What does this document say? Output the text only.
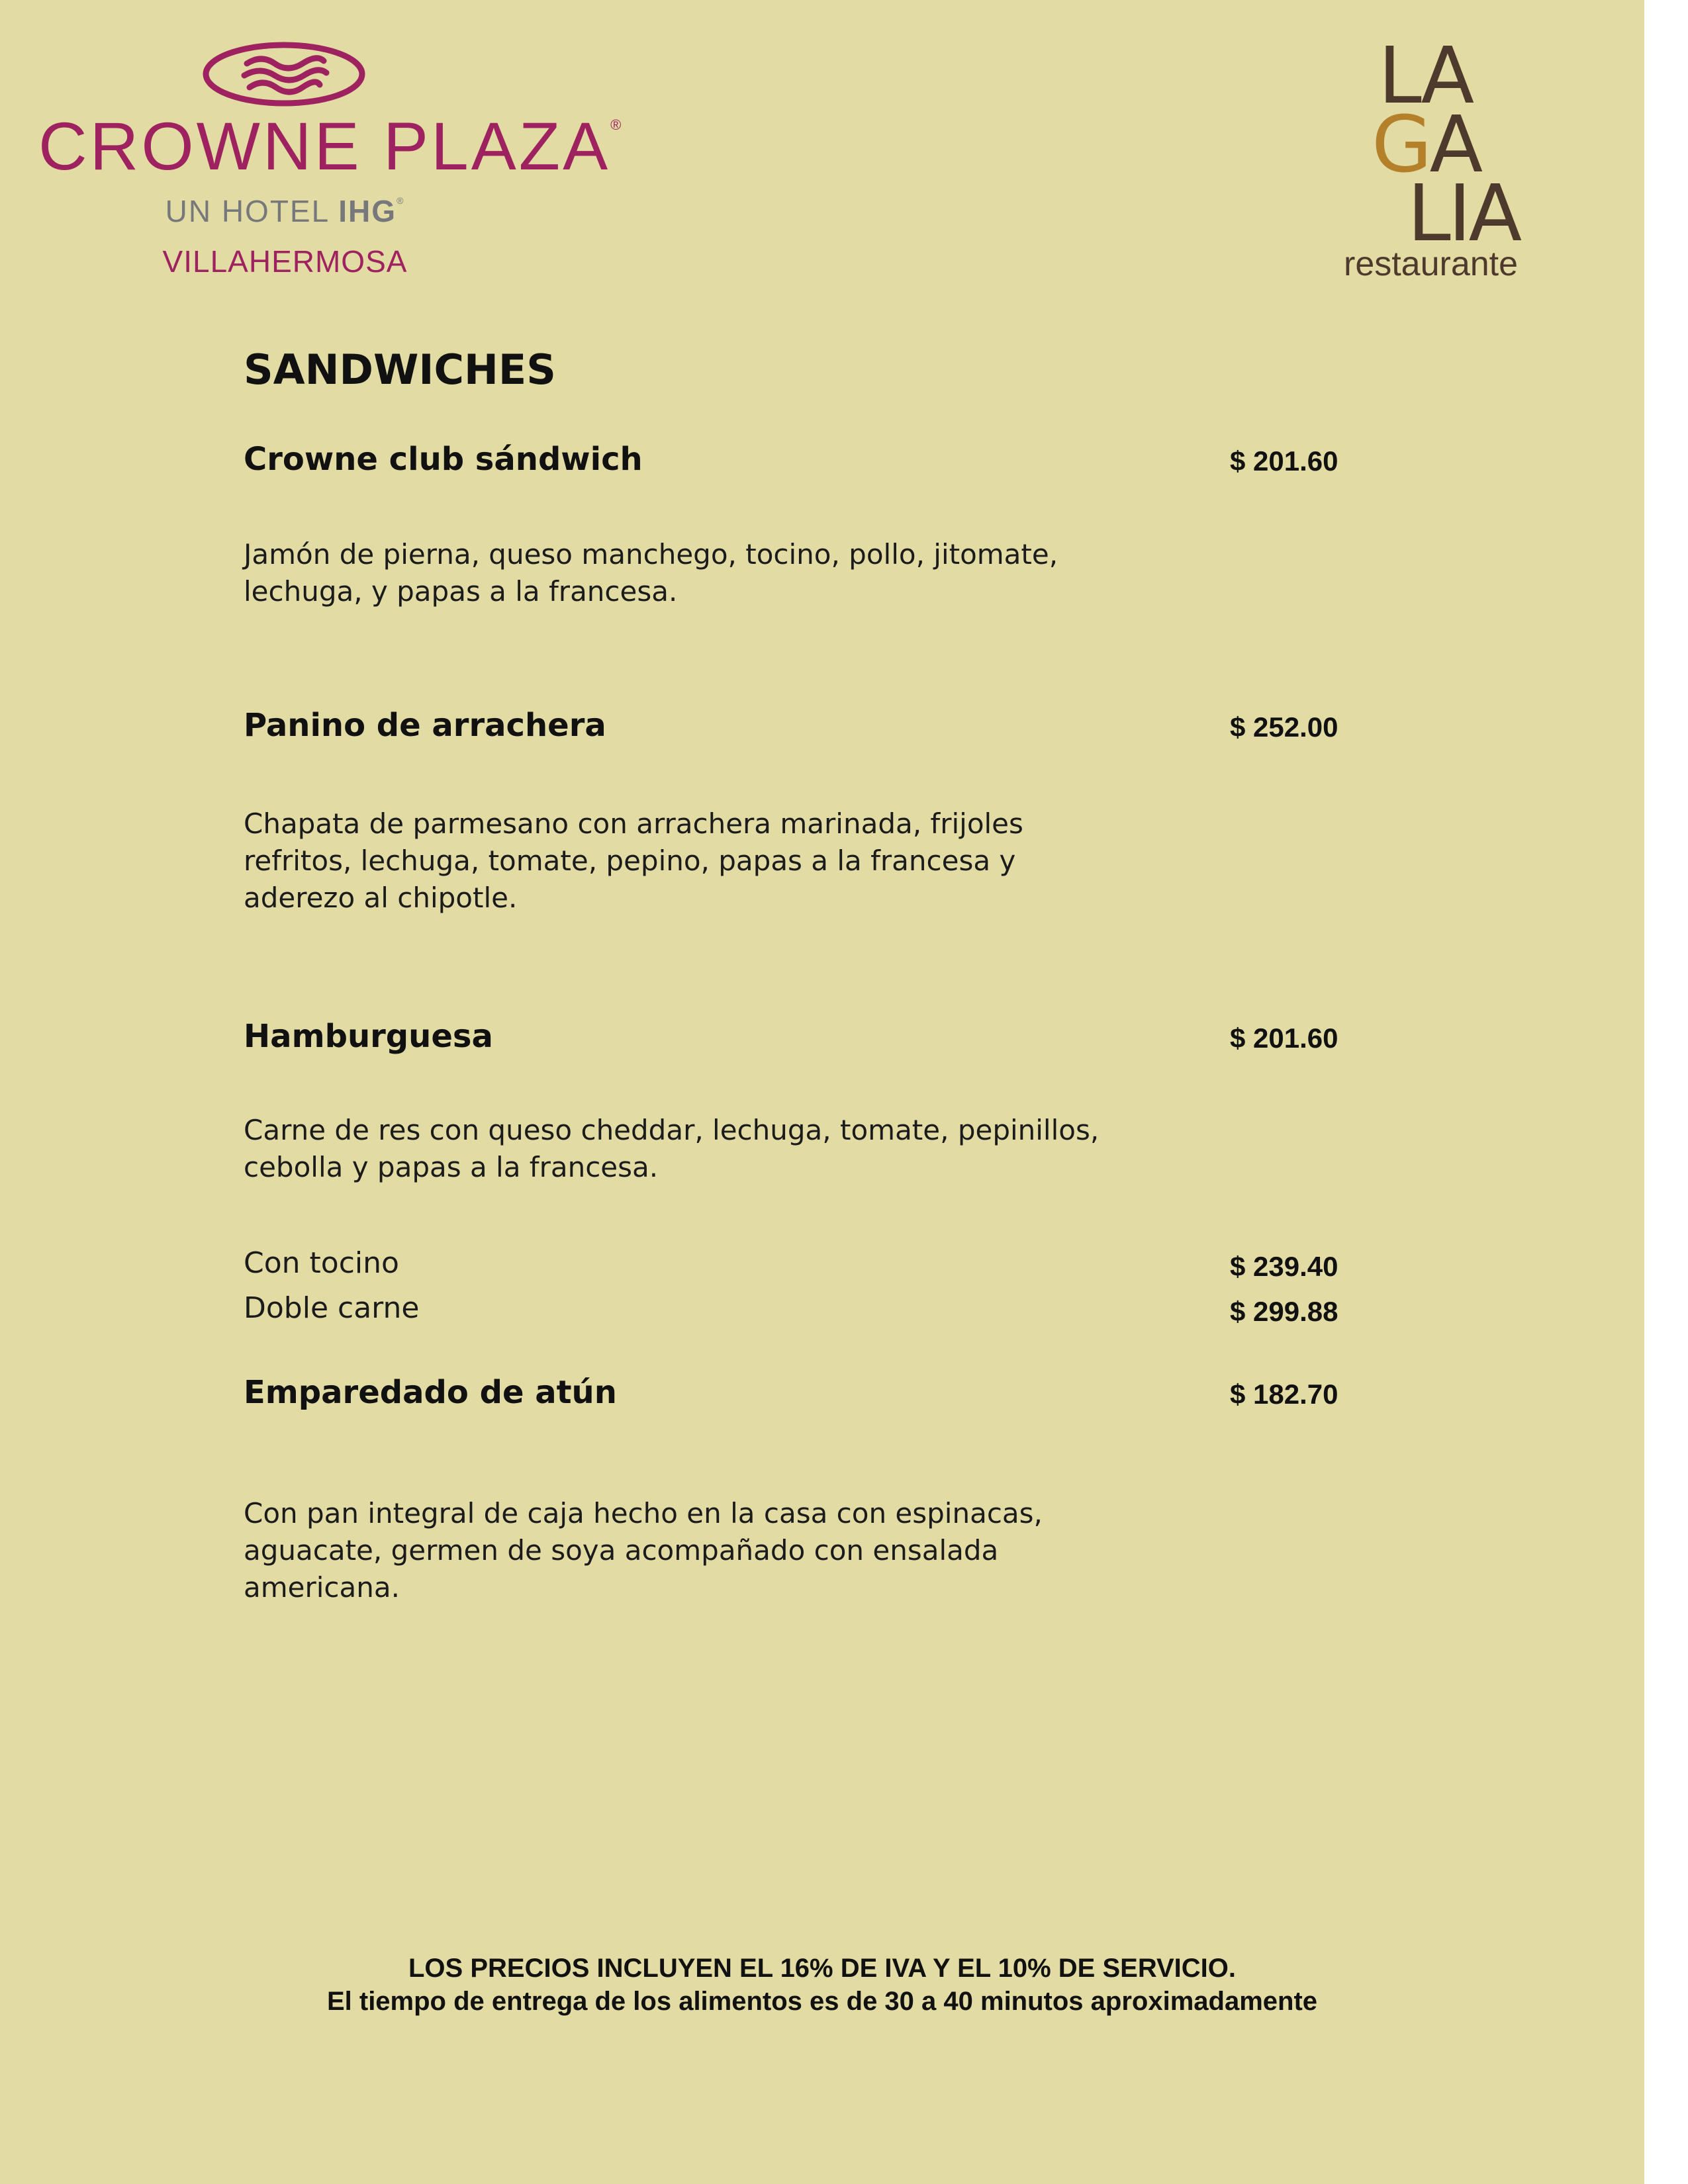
CROWNE PLAZA®
UN HOTEL IHG®
VILLAHERMOSA
LA
GA
LIA
restaurante
SANDWICHES
Crowne club sándwich	$ 201.60
Jamón de pierna, queso manchego, tocino, pollo, jitomate,
lechuga, y papas a la francesa.
Panino de arrachera	$ 252.00
Chapata de parmesano con arrachera marinada, frijoles
refritos, lechuga, tomate, pepino, papas a la francesa y
aderezo al chipotle.
Hamburguesa	$ 201.60
Carne de res con queso cheddar, lechuga, tomate, pepinillos,
cebolla y papas a la francesa.
Con tocino	$ 239.40
Doble carne	$ 299.88
Emparedado de atún	$ 182.70
Con pan integral de caja hecho en la casa con espinacas,
aguacate, germen de soya acompañado con ensalada
americana.
LOS PRECIOS INCLUYEN EL 16% DE IVA Y EL 10% DE SERVICIO.
El tiempo de entrega de los alimentos es de 30 a 40 minutos aproximadamente
